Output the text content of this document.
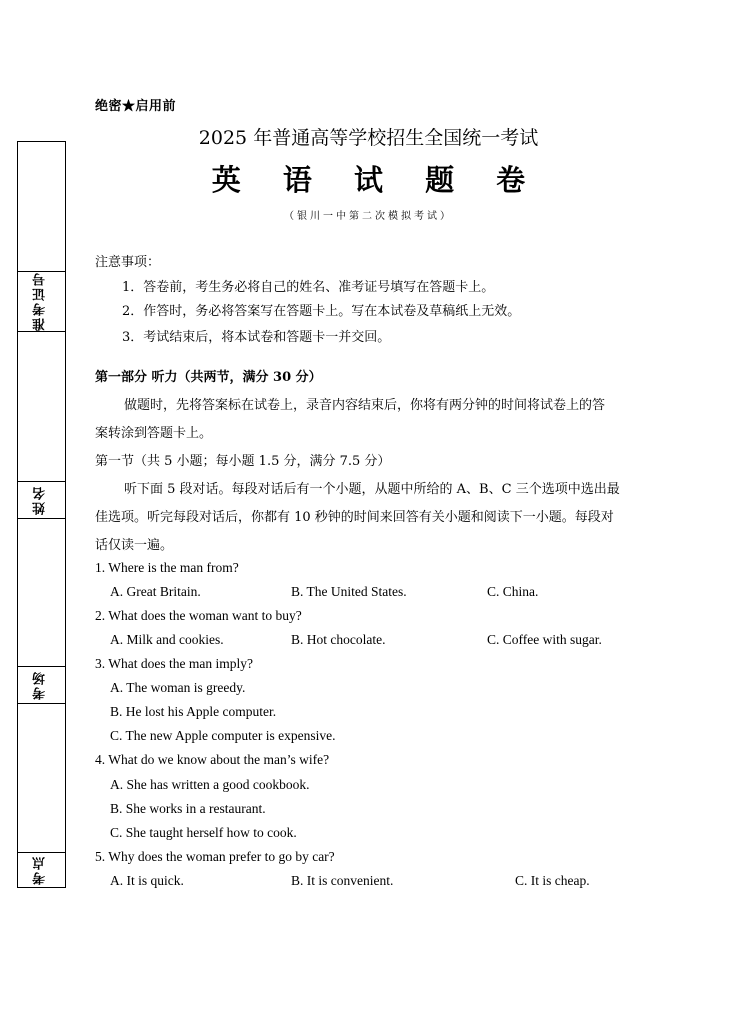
绝密★启用前
2025 年普通高等学校招生全国统一考试
英 语 试 题 卷
（银川一中第二次模拟考试）
准考证号
姓名
考场
考点
注意事项：
1．答卷前，考生务必将自己的姓名、准考证号填写在答题卡上。
2．作答时，务必将答案写在答题卡上。写在本试卷及草稿纸上无效。
3．考试结束后，将本试卷和答题卡一并交回。
第一部分 听力（共两节，满分 30 分）
做题时，先将答案标在试卷上，录音内容结束后，你将有两分钟的时间将试卷上的答
案转涂到答题卡上。
第一节（共 5 小题；每小题 1.5 分，满分 7.5 分）
听下面 5 段对话。每段对话后有一个小题，从题中所给的 A、B、C 三个选项中选出最
佳选项。听完每段对话后，你都有 10 秒钟的时间来回答有关小题和阅读下一小题。每段对
话仅读一遍。
1. Where is the man from?
A. Great Britain.	B. The United States.	C. China.
2. What does the woman want to buy?
A. Milk and cookies.	B. Hot chocolate.	C. Coffee with sugar.
3. What does the man imply?
A. The woman is greedy.
B. He lost his Apple computer.
C. The new Apple computer is expensive.
4. What do we know about the man’s wife?
A. She has written a good cookbook.
B. She works in a restaurant.
C. She taught herself how to cook.
5. Why does the woman prefer to go by car?
A. It is quick.	B. It is convenient.	C. It is cheap.
